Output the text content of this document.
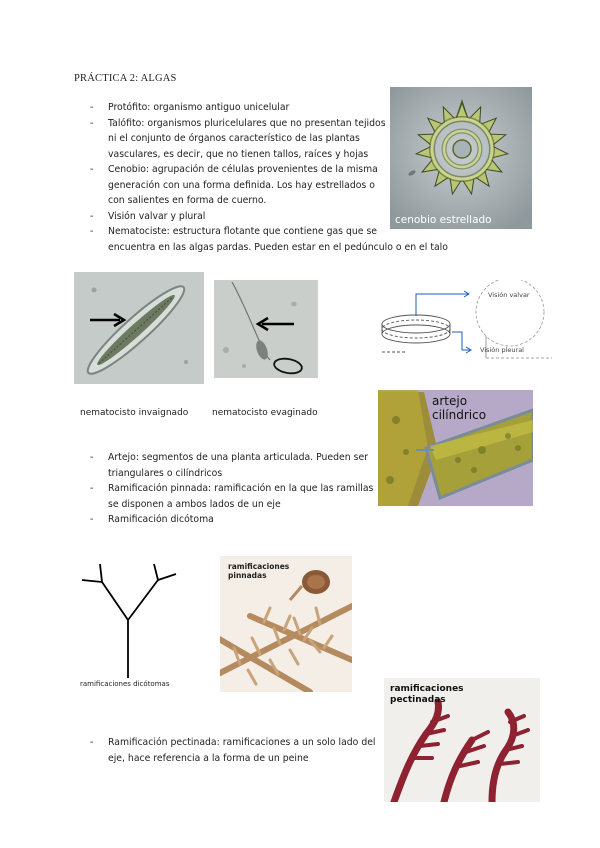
PRÁCTICA 2: ALGAS
- Protófito: organismo antiguo unicelular
- Talófito: organismos pluricelulares que no presentan tejidos
ni el conjunto de órganos característico de las plantas
vasculares, es decir, que no tienen tallos, raíces y hojas
- Cenobio: agrupación de células provenientes de la misma
generación con una forma definida. Los hay estrellados o
con salientes en forma de cuerno.
- Visión valvar y plural
- Nematociste: estructura flotante que contiene gas que se
encuentra en las algas pardas. Pueden estar en el pedúnculo o en el talo
cenobio estrellado
nematocisto invaignado	nematocisto evaginado
Visión valvar
Visión pleural
artejo
cilíndrico
- Artejo: segmentos de una planta articulada. Pueden ser
triangulares o cilíndricos
- Ramificación pinnada: ramificación en la que las ramillas
se disponen a ambos lados de un eje
- Ramificación dicótoma
ramificaciones dicótomas
ramificaciones
pinnadas
ramificaciones
pectinadas
- Ramificación pectinada: ramificaciones a un solo lado del
eje, hace referencia a la forma de un peine
